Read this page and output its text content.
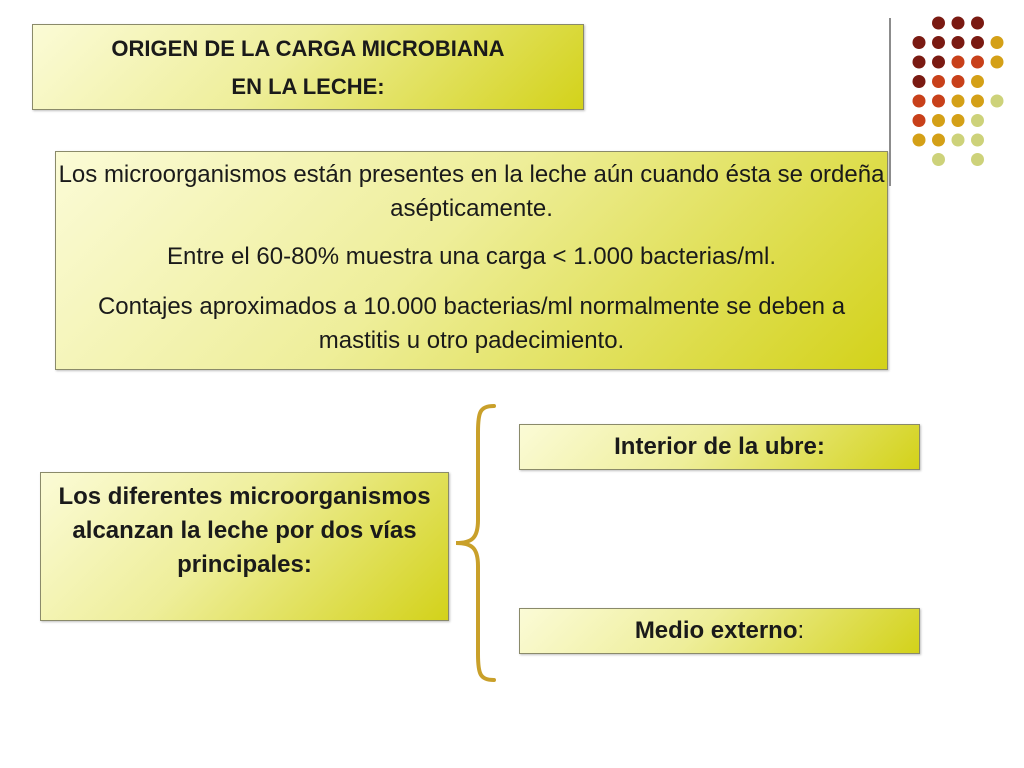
ORIGEN DE LA CARGA MICROBIANA
EN LA LECHE:

Los microorganismos están presentes en la leche aún cuando ésta se ordeña asépticamente.

Entre el 60-80% muestra una carga < 1.000 bacterias/ml.

Contajes aproximados a 10.000 bacterias/ml normalmente se deben a mastitis u otro padecimiento.

Los diferentes microorganismos alcanzan la leche por dos vías principales:
Interior de la ubre:
Medio externo:
